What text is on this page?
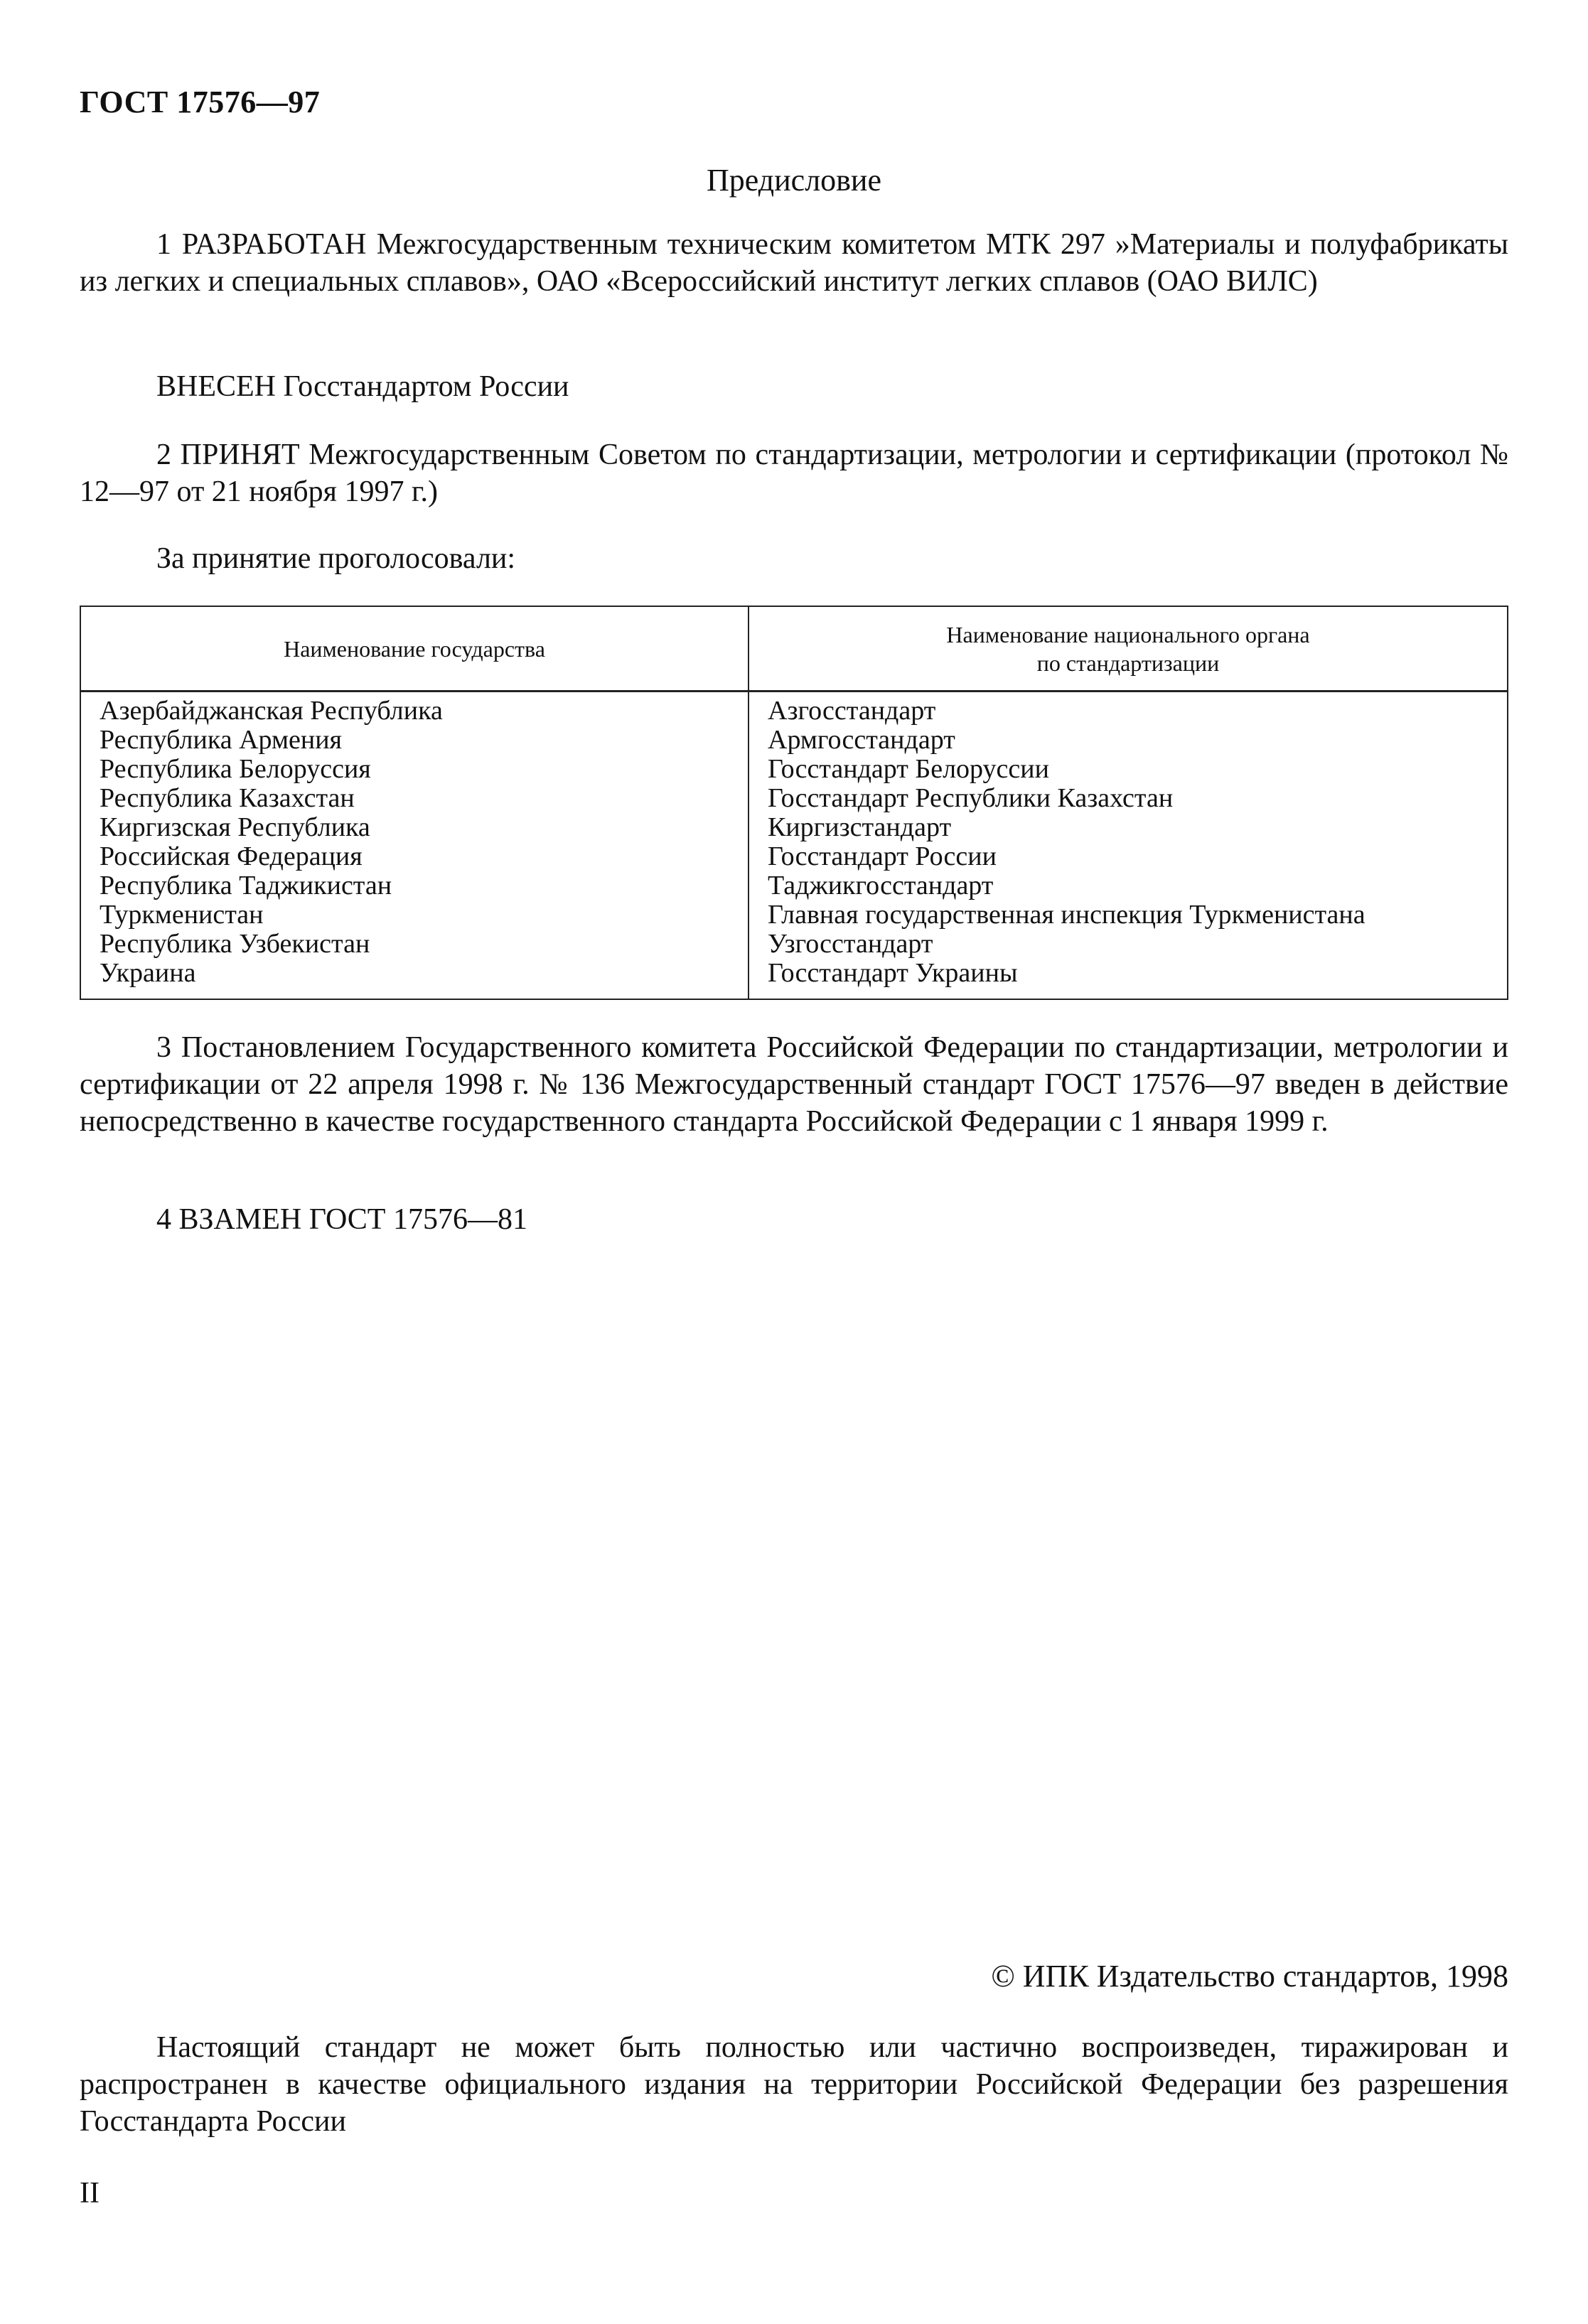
ГОСТ 17576—97
Предисловие
1 РАЗРАБОТАН Межгосударственным техническим комитетом МТК 297 »Материалы и полуфабрикаты из легких и специальных сплавов», ОАО «Всероссийский институт легких сплавов (ОАО ВИЛС)
ВНЕСЕН Госстандартом России
2 ПРИНЯТ Межгосударственным Советом по стандартизации, метрологии и сертификации (протокол № 12—97 от 21 ноября 1997 г.)
За принятие проголосовали:
Наименование государства
Наименование национального органа
по стандартизации
Азербайджанская Республика
Республика Армения
Республика Белоруссия
Республика Казахстан
Киргизская Республика
Российская Федерация
Республика Таджикистан
Туркменистан
Республика Узбекистан
Украина
Азгосстандарт
Армгосстандарт
Госстандарт Белоруссии
Госстандарт Республики Казахстан
Киргизстандарт
Госстандарт России
Таджикгосстандарт
Главная государственная инспекция Туркменистана
Узгосстандарт
Госстандарт Украины
3 Постановлением Государственного комитета Российской Федерации по стандартизации, метрологии и сертификации от 22 апреля 1998 г. № 136 Межгосударственный стандарт ГОСТ 17576—97 введен в действие непосредственно в качестве государственного стандарта Российской Федерации с 1 января 1999 г.
4 ВЗАМЕН ГОСТ 17576—81
© ИПК Издательство стандартов, 1998
Настоящий стандарт не может быть полностью или частично воспроизведен, тиражирован и распространен в качестве официального издания на территории Российской Федерации без разрешения Госстандарта России
II
